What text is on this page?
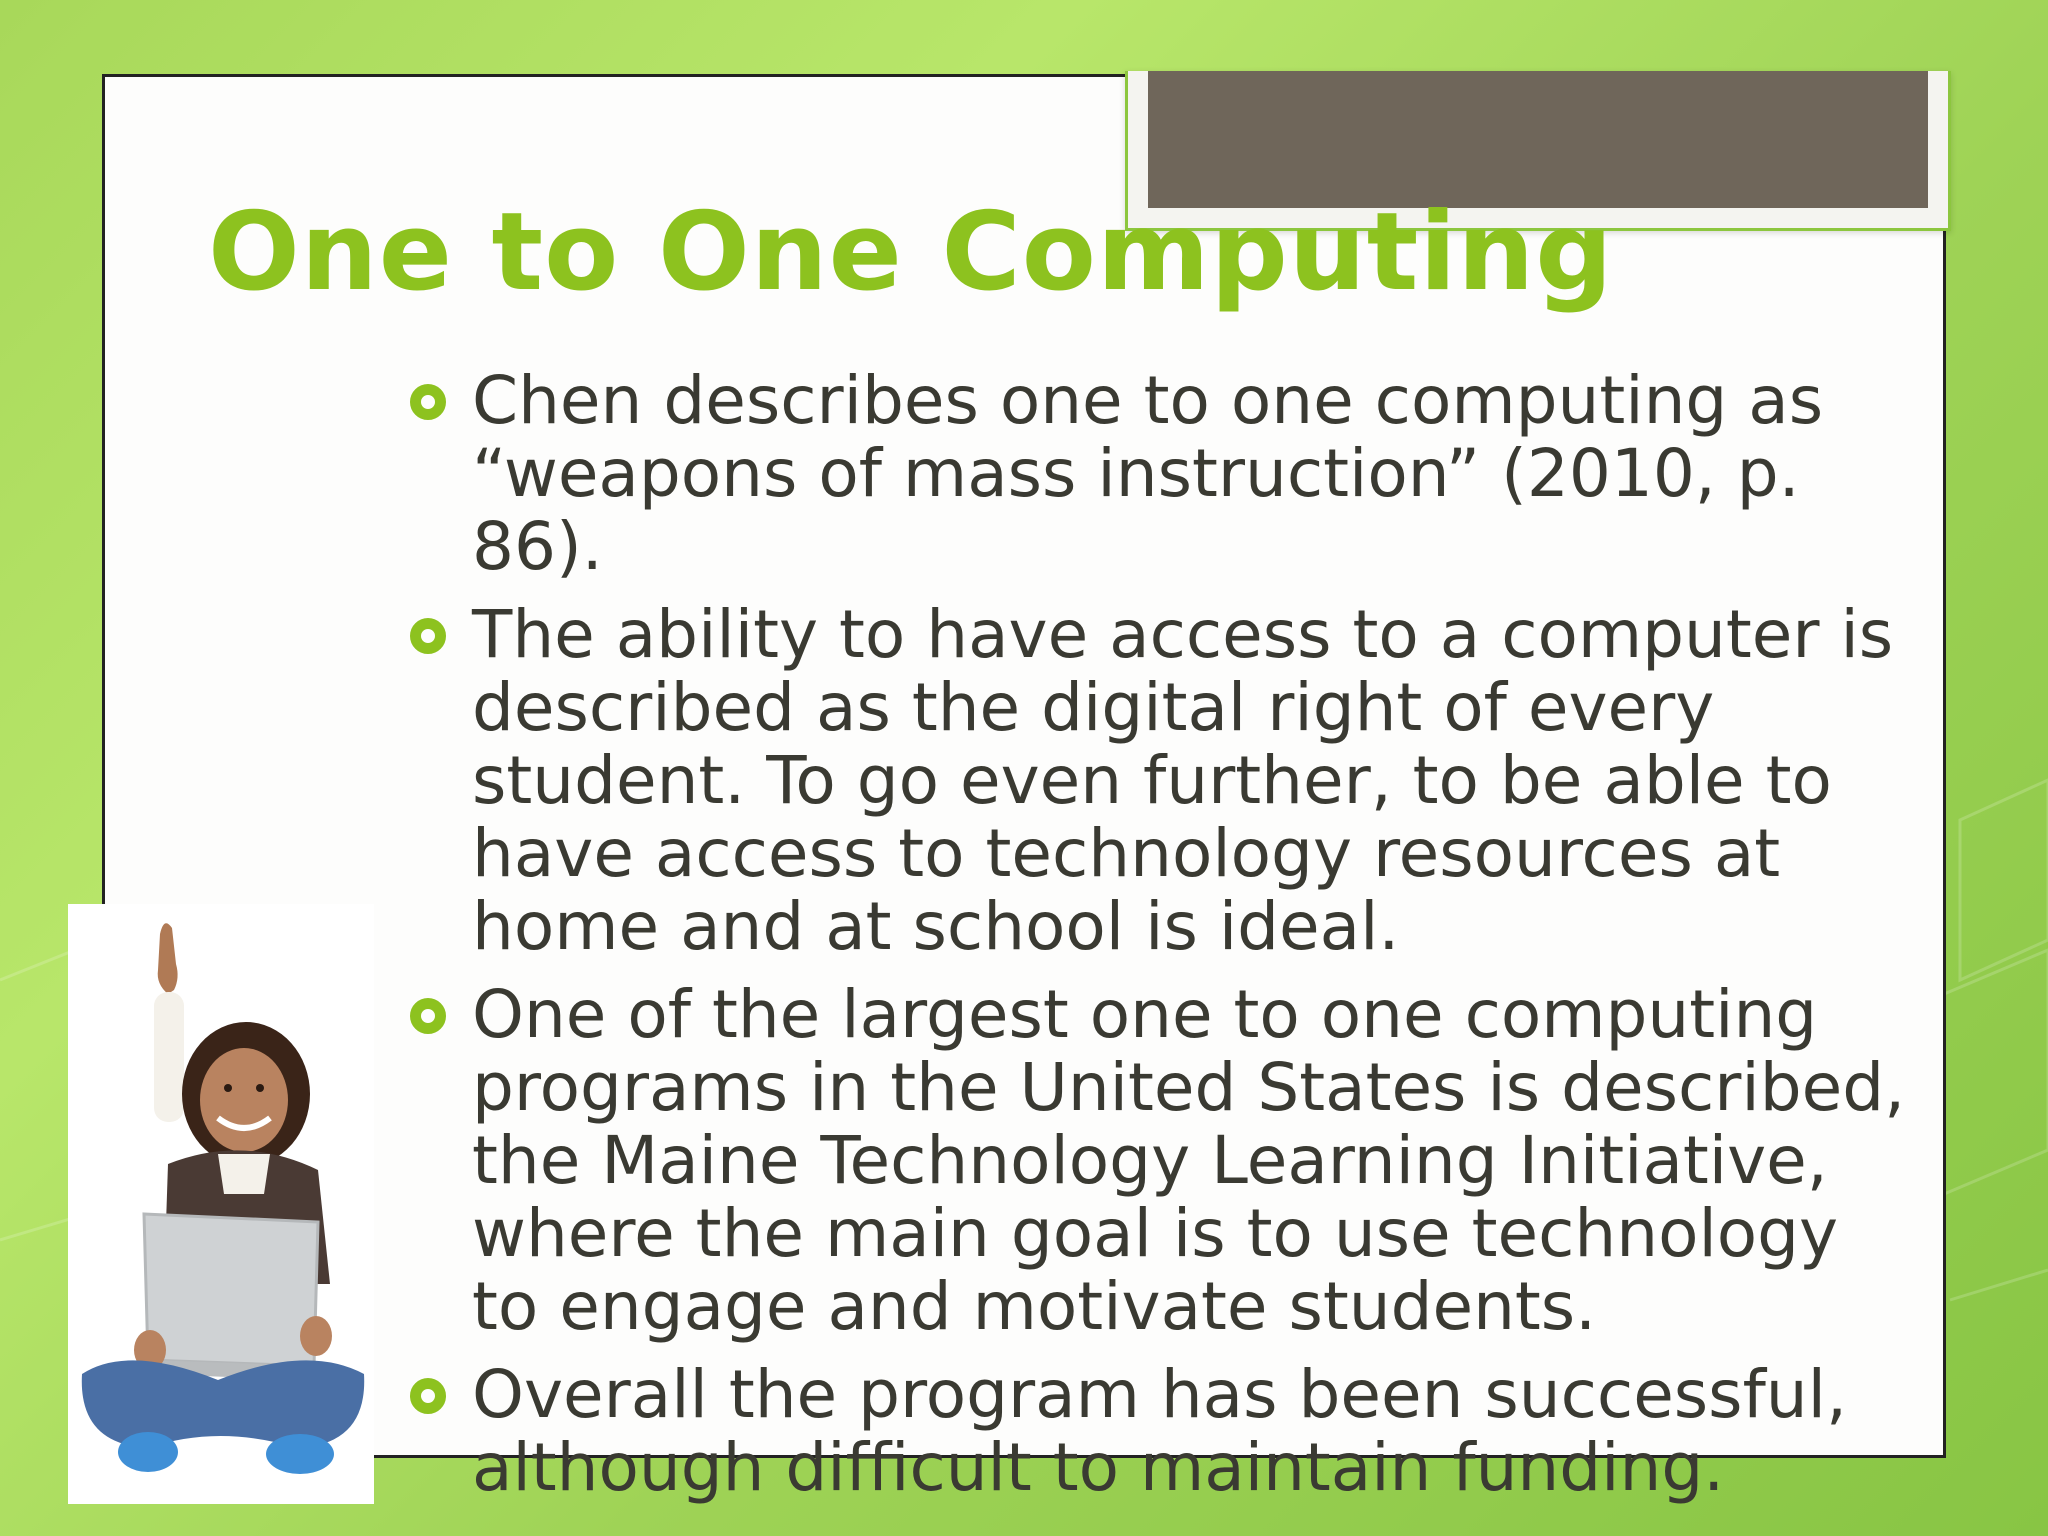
One to One Computing
Chen describes one to one computing as “weapons of mass instruction” (2010, p. 86).
The ability to have access to a computer is described as the digital right of every student. To go even further, to be able to have access to technology resources at home and at school is ideal.
One of the largest one to one computing programs in the United States is described, the Maine Technology Learning Initiative, where the main goal is to use technology to engage and motivate students.
Overall the program has been successful, although difficult to maintain funding.
